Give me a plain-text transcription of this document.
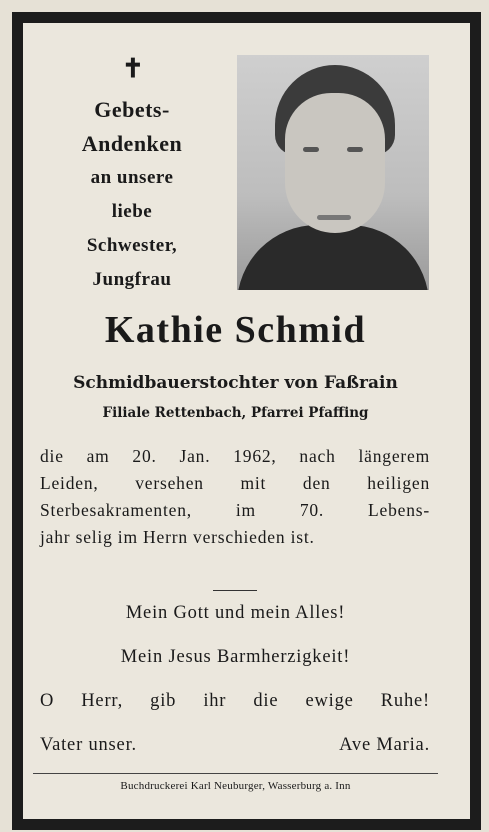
✝
Gebets-
Andenken
an unsere
liebe
Schwester,
Jungfrau
Kathie Schmid
Schmidbauerstochter von Faßrain
Filiale Rettenbach, Pfarrei Pfaffing
die am 20. Jan. 1962, nach längerem
Leiden, versehen mit den heiligen
Sterbesakramenten, im 70. Lebens-
jahr selig im Herrn verschieden ist.
Mein Gott und mein Alles!
Mein Jesus Barmherzigkeit!
O Herr, gib ihr die ewige Ruhe!
Vater unser.	Ave Maria.
Buchdruckerei Karl Neuburger, Wasserburg a. Inn
